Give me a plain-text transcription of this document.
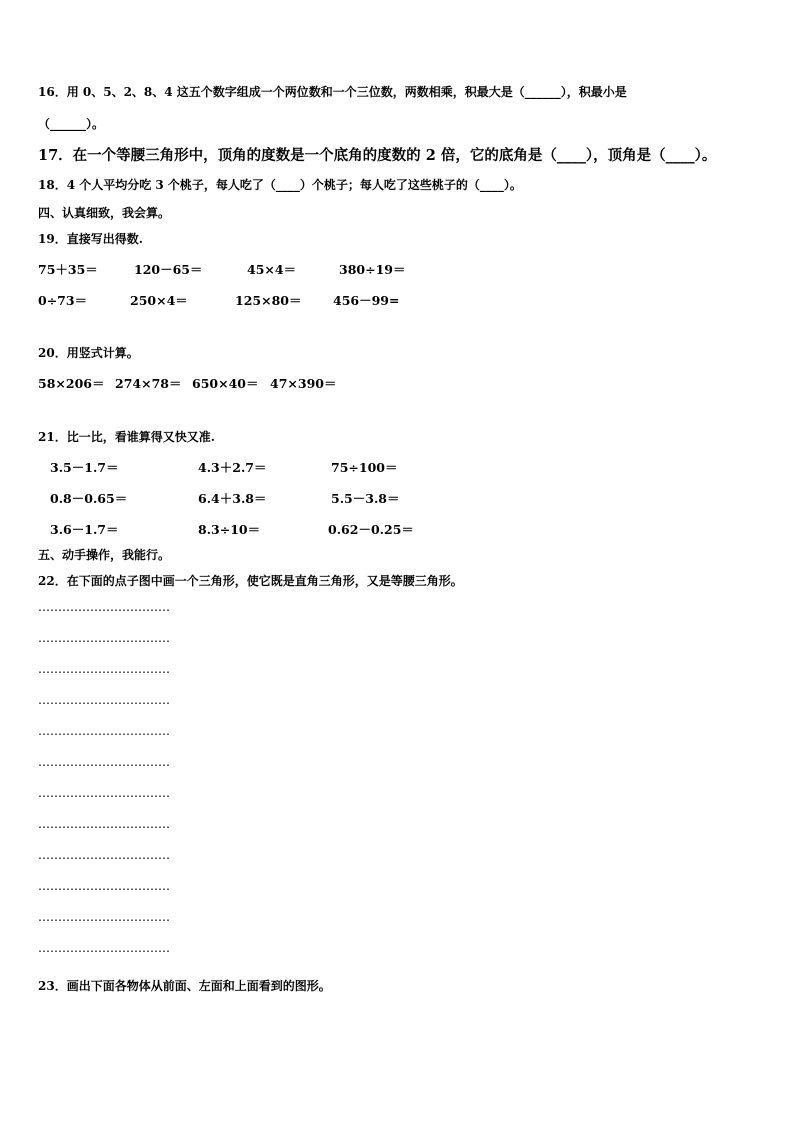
16．用 0、5、2、8、4 这五个数字组成一个两位数和一个三位数，两数相乘，积最大是（______），积最小是
（______）。
17．在一个等腰三角形中，顶角的度数是一个底角的度数的 2 倍，它的底角是（____），顶角是（____）。
18．4 个人平均分吃 3 个桃子，每人吃了（____）个桃子；每人吃了这些桃子的（____）。
四、认真细致，我会算。
19．直接写出得数.
75＋35＝	120－65＝	45×4＝	380÷19＝
0÷73＝	250×4＝	125×80＝	456－99=
20．用竖式计算。
58×206＝ 274×78＝ 650×40＝ 47×390＝
21．比一比，看谁算得又快又准.
3.5－1.7＝	4.3＋2.7＝	75÷100＝
0.8－0.65＝	6.4＋3.8＝	5.5－3.8＝
3.6－1.7＝	8.3÷10＝	0.62－0.25＝
五、动手操作，我能行。
22．在下面的点子图中画一个三角形，使它既是直角三角形，又是等腰三角形。
……………………………
……………………………
……………………………
……………………………
……………………………
……………………………
……………………………
……………………………
……………………………
……………………………
……………………………
……………………………
23．画出下面各物体从前面、左面和上面看到的图形。
